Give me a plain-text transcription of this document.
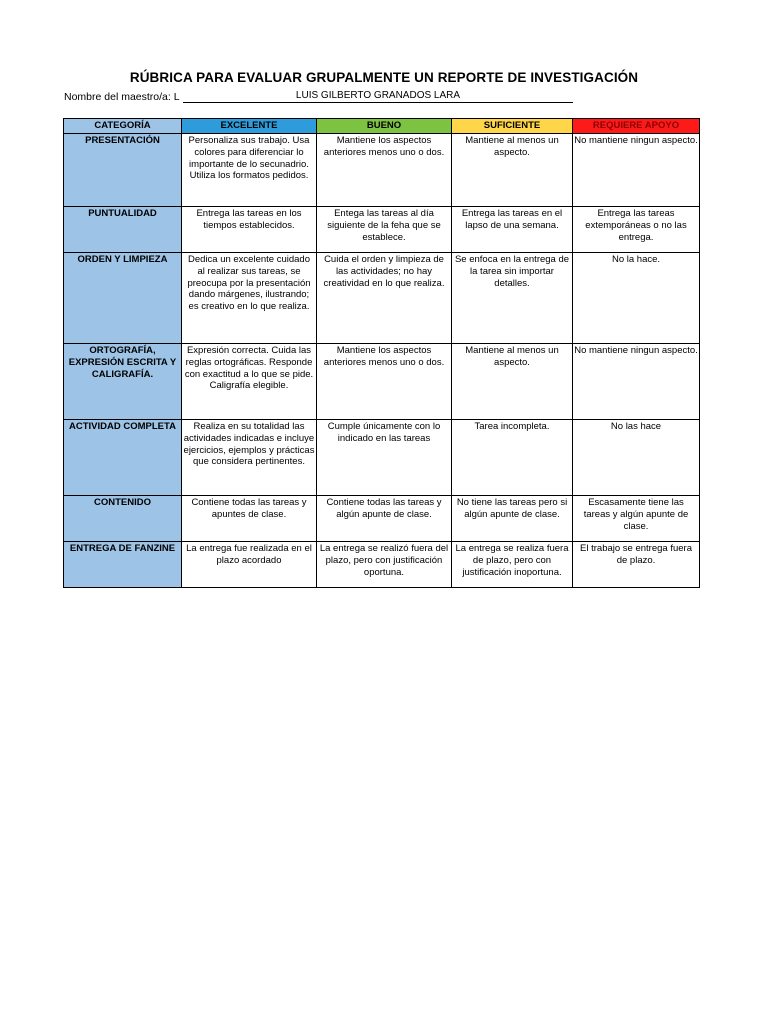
RÚBRICA PARA EVALUAR GRUPALMENTE UN REPORTE DE INVESTIGACIÓN
Nombre del maestro/a: L	LUIS GILBERTO GRANADOS LARA
CATEGORÍA	EXCELENTE	BUENO	SUFICIENTE	REQUIERE APOYO
PRESENTACIÓN	Personaliza sus trabajo. Usa colores para diferenciar lo importante de lo secunadrio. Utiliza los formatos pedidos.	Mantiene los aspectos anteriores menos uno o dos.	Mantiene al menos un aspecto.	No mantiene ningun aspecto.
PUNTUALIDAD	Entrega las tareas en los tiempos establecidos.	Entega las tareas al día siguiente de la feha que se establece.	Entrega las tareas en el lapso de una semana.	Entrega las tareas extemporáneas o no las entrega.
ORDEN Y LIMPIEZA	Dedica un excelente cuidado al realizar sus tareas, se preocupa por la presentación dando márgenes, ilustrando; es creativo en lo que realiza.	Cuida el orden y limpieza de las actividades; no hay creatividad en lo que realiza.	Se enfoca en la entrega de la tarea sin importar detalles.	No la hace.
ORTOGRAFÍA, EXPRESIÓN ESCRITA Y CALIGRAFÍA.	Expresión correcta. Cuida las reglas ortográficas. Responde con exactitud a lo que se pide. Caligrafía elegible.	Mantiene los aspectos anteriores menos uno o dos.	Mantiene al menos un aspecto.	No mantiene ningun aspecto.
ACTIVIDAD COMPLETA	Realiza en su totalidad las actividades indicadas e incluye ejercicios, ejemplos y prácticas que considera pertinentes.	Cumple únicamente con lo indicado en las tareas	Tarea incompleta.	No las hace
CONTENIDO	Contiene todas las tareas y apuntes de clase.	Contiene todas las tareas y algún apunte de clase.	No tiene las tareas pero si algún apunte de clase.	Escasamente tiene las tareas y algún apunte de clase.
ENTREGA DE FANZINE	La entrega fue realizada en el plazo acordado	La entrega se realizó fuera del plazo, pero con justificación oportuna.	La entrega se realiza fuera de plazo, pero con justificación inoportuna.	El trabajo se entrega fuera de plazo.
